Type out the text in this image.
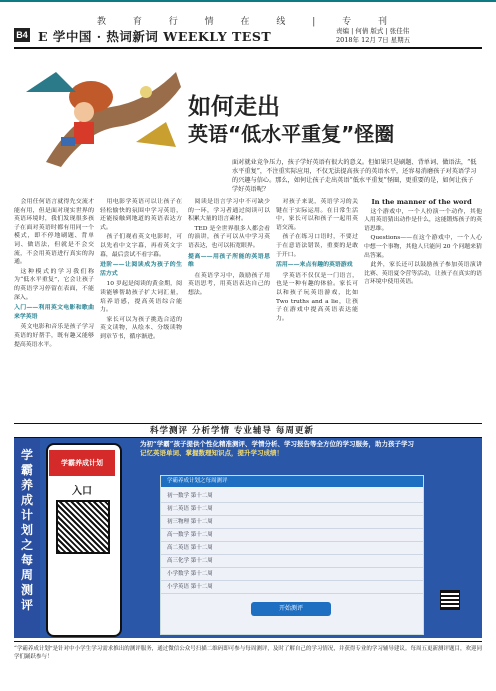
教 育 行 情 在 线 | 专 刊
B4 E 学中国 · 热词新词 WEEKLY TEST	责编 | 何倩 版式 | 张佳伟
2018年 12月 7日 星期五
如何走出
英语“低水平重复”怪圈
面对就业竞争压力，孩子学好英语有很大的意义。但如果只是刷题、背单词、做语法，“低水平重复”，不注重实际应用，不仅无法提高孩子的英语水平，还容易消磨孩子对英语学习的兴趣与信心。那么，如何让孩子走出英语“低水平重复”怪圈，更重要的是，如何让孩子学好英语呢？

会用任何语言就得先交流才能有用，但是面对现实世界的英语环境时，我们发现很多孩子在面对英语时都有用同一个模式，即不停地刷题、背单词、做语法，但就是不会交流，不会用英语进行真实的沟通。

这种模式的学习我们称为“低水平重复”，它会让孩子的英语学习停留在表面，不能深入。

入门——利用英文电影和歌曲来学英语

英文电影和音乐是孩子学习英语的好帮手，既有趣又能够提高英语水平。

用电影学英语可以让孩子在轻松愉快的氛围中学习英语，还能接触到地道的英语表达方式。

孩子们观看英文电影时，可以先看中文字幕，再看英文字幕，最后尝试不看字幕。

进阶——让阅读成为孩子的生活方式

10 岁起是阅读的黄金期，阅读能够帮助孩子扩大词汇量，培养语感，提高英语综合能力。

家长可以为孩子挑选合适的英文读物，从绘本、分级读物到章节书，循序渐进。

阅读是语言学习中不可缺少的一环，学习者通过阅读可以积累大量的语言素材。

TED 是全世界很多人都会看的演讲，孩子可以从中学习英语表达，也可以拓宽眼界。

提高——用孩子所能的英语思维

在英语学习中，鼓励孩子用英语思考，用英语表达自己的想法。

对孩子来说，英语学习的关键在于实际运用。在日常生活中，家长可以和孩子一起用英语交流。

孩子在练习口语时，不要过于在意语法错误，重要的是敢于开口。

活用——来点有趣的英语游戏

学英语不仅仅是一门语言，也是一种有趣的体验。家长可以和孩子玩英语游戏，比如 Two truths and a lie，让孩子在游戏中提高英语表达能力。

In the manner of the word

这个游戏中，一个人扮演一个动作，其他人用英语猜出动作是什么，这能锻炼孩子的英语思维。

Questions——在这个游戏中，一个人心中想一个事物，其他人只能问 20 个问题来猜出答案。

此外，家长还可以鼓励孩子参加英语演讲比赛、英语夏令营等活动，让孩子在真实的语言环境中使用英语。

科学测评 分析学情 专业辅导 每周更新
学霸养成计划之每周测评
学霸养成计划
入口
为初“学霸”孩子提供个性化精准测评、学情分析、学习报告等全方位的学习服务，助力孩子学习
记忆英语单词、掌握数理知识点，提升学习成绩！
学霸养成计划之每周测评
初一数学 第十二周
初二英语 第十二周
初三物理 第十二周
高一数学 第十二周
高二英语 第十二周
高三化学 第十二周
小学数学 第十二周
小学英语 第十二周
开始测评
“学霸养成计划”是针对中小学生学习需求推出的测评服务，通过微信公众号扫描二维码即可参与每周测评，及时了解自己的学习情况，并获得专业的学习辅导建议。每周五更新测评题目，欢迎同学们踊跃参与！
